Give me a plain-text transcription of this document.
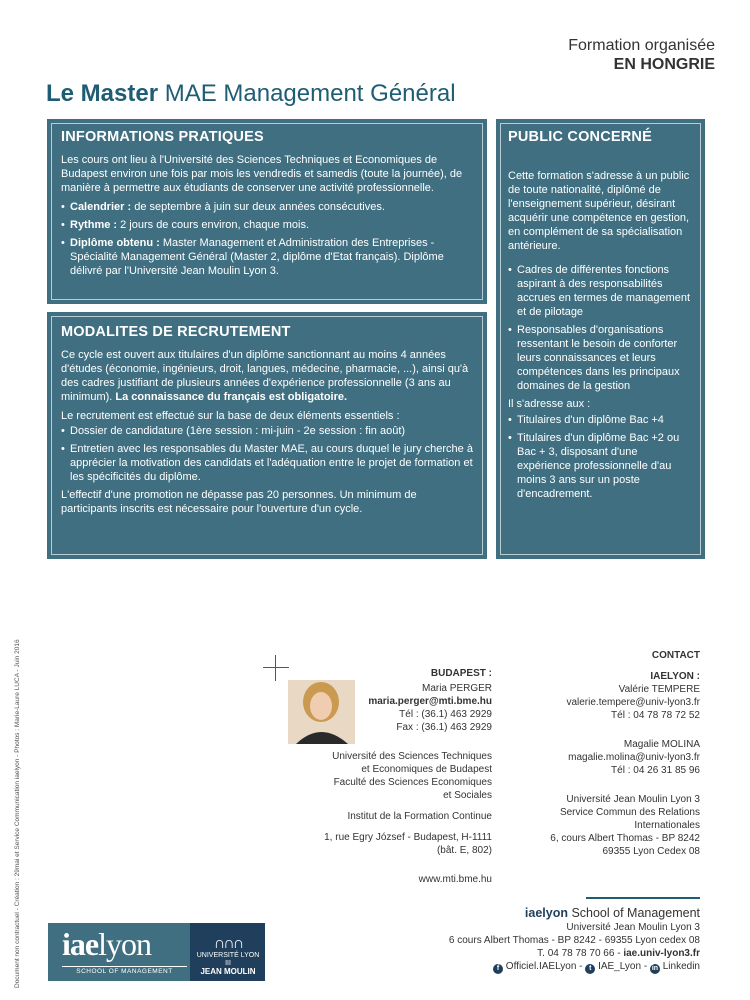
Formation organisée
EN HONGRIE
Le Master MAE Management Général
INFORMATIONS PRATIQUES

Les cours ont lieu à l'Université des Sciences Techniques et Economiques de Budapest environ une fois par mois les vendredis et samedis (toute la journée), de manière à permettre aux étudiants de conserver une activité professionnelle.

• Calendrier : de septembre à juin sur deux années consécutives.
• Rythme : 2 jours de cours environ, chaque mois.
• Diplôme obtenu : Master Management et Administration des Entreprises - Spécialité Management Général (Master 2, diplôme d'Etat français). Diplôme délivré par l'Université Jean Moulin Lyon 3.
MODALITES DE RECRUTEMENT

Ce cycle est ouvert aux titulaires d'un diplôme sanctionnant au moins 4 années d'études (économie, ingénieurs, droit, langues, médecine, pharmacie, ...), ainsi qu'à des cadres justifiant de plusieurs années d'expérience professionnelle (3 ans au minimum). La connaissance du français est obligatoire.

Le recrutement est effectué sur la base de deux éléments essentiels :

• Dossier de candidature (1ère session : mi-juin - 2e session : fin août)
• Entretien avec les responsables du Master MAE, au cours duquel le jury cherche à apprécier la motivation des candidats et l'adéquation entre le projet de formation et les spécificités du diplôme.

L'effectif d'une promotion ne dépasse pas 20 personnes. Un minimum de participants inscrits est nécessaire pour l'ouverture d'un cycle.

PUBLIC CONCERNÉ

Cette formation s'adresse à un public de toute nationalité, diplômé de l'enseignement supérieur, désirant acquérir une compétence en gestion, en complément de sa spécialisation antérieure.

• Cadres de différentes fonctions aspirant à des responsabilités accrues en termes de management et de pilotage
• Responsables d'organisations ressentant le besoin de conforter leurs connaissances et leurs compétences dans les principaux domaines de la gestion

Il s'adresse aux :

• Titulaires d'un diplôme Bac +4
• Titulaires d'un diplôme Bac +2 ou Bac + 3, disposant d'une expérience professionnelle d'au moins 3 ans sur un poste d'encadrement.
BUDAPEST :
Maria PERGER
maria.perger@mti.bme.hu
Tél : (36.1) 463 2929
Fax : (36.1) 463 2929
Université des Sciences Techniques
et Economiques de Budapest
Faculté des Sciences Economiques
et Sociales
Institut de la Formation Continue
1, rue Egry József - Budapest, H-1111
(bât. E, 802)
www.mti.bme.hu
CONTACT
IAELYON :
Valérie TEMPERE
valerie.tempere@univ-lyon3.fr
Tél : 04 78 78 72 52
Magalie MOLINA
magalie.molina@univ-lyon3.fr
Tél : 04 26 31 85 96
Université Jean Moulin Lyon 3
Service Commun des Relations
Internationales
6, cours Albert Thomas - BP 8242
69355 Lyon Cedex 08
iaelyon School of Management
Université Jean Moulin Lyon 3
6 cours Albert Thomas - BP 8242 - 69355 Lyon cedex 08
T. 04 78 78 70 66 - iae.univ-lyon3.fr
f Officiel.IAELyon - t IAE_Lyon - in Linkedin
iaelyon
SCHOOL OF MANAGEMENT
∩∩∩
UNIVERSITÉ LYON III
JEAN MOULIN
Document non contractuel - Création : 29mai et Service Communication iaelyon - Photos : Marie-Laure LUCA - Juin 2016
